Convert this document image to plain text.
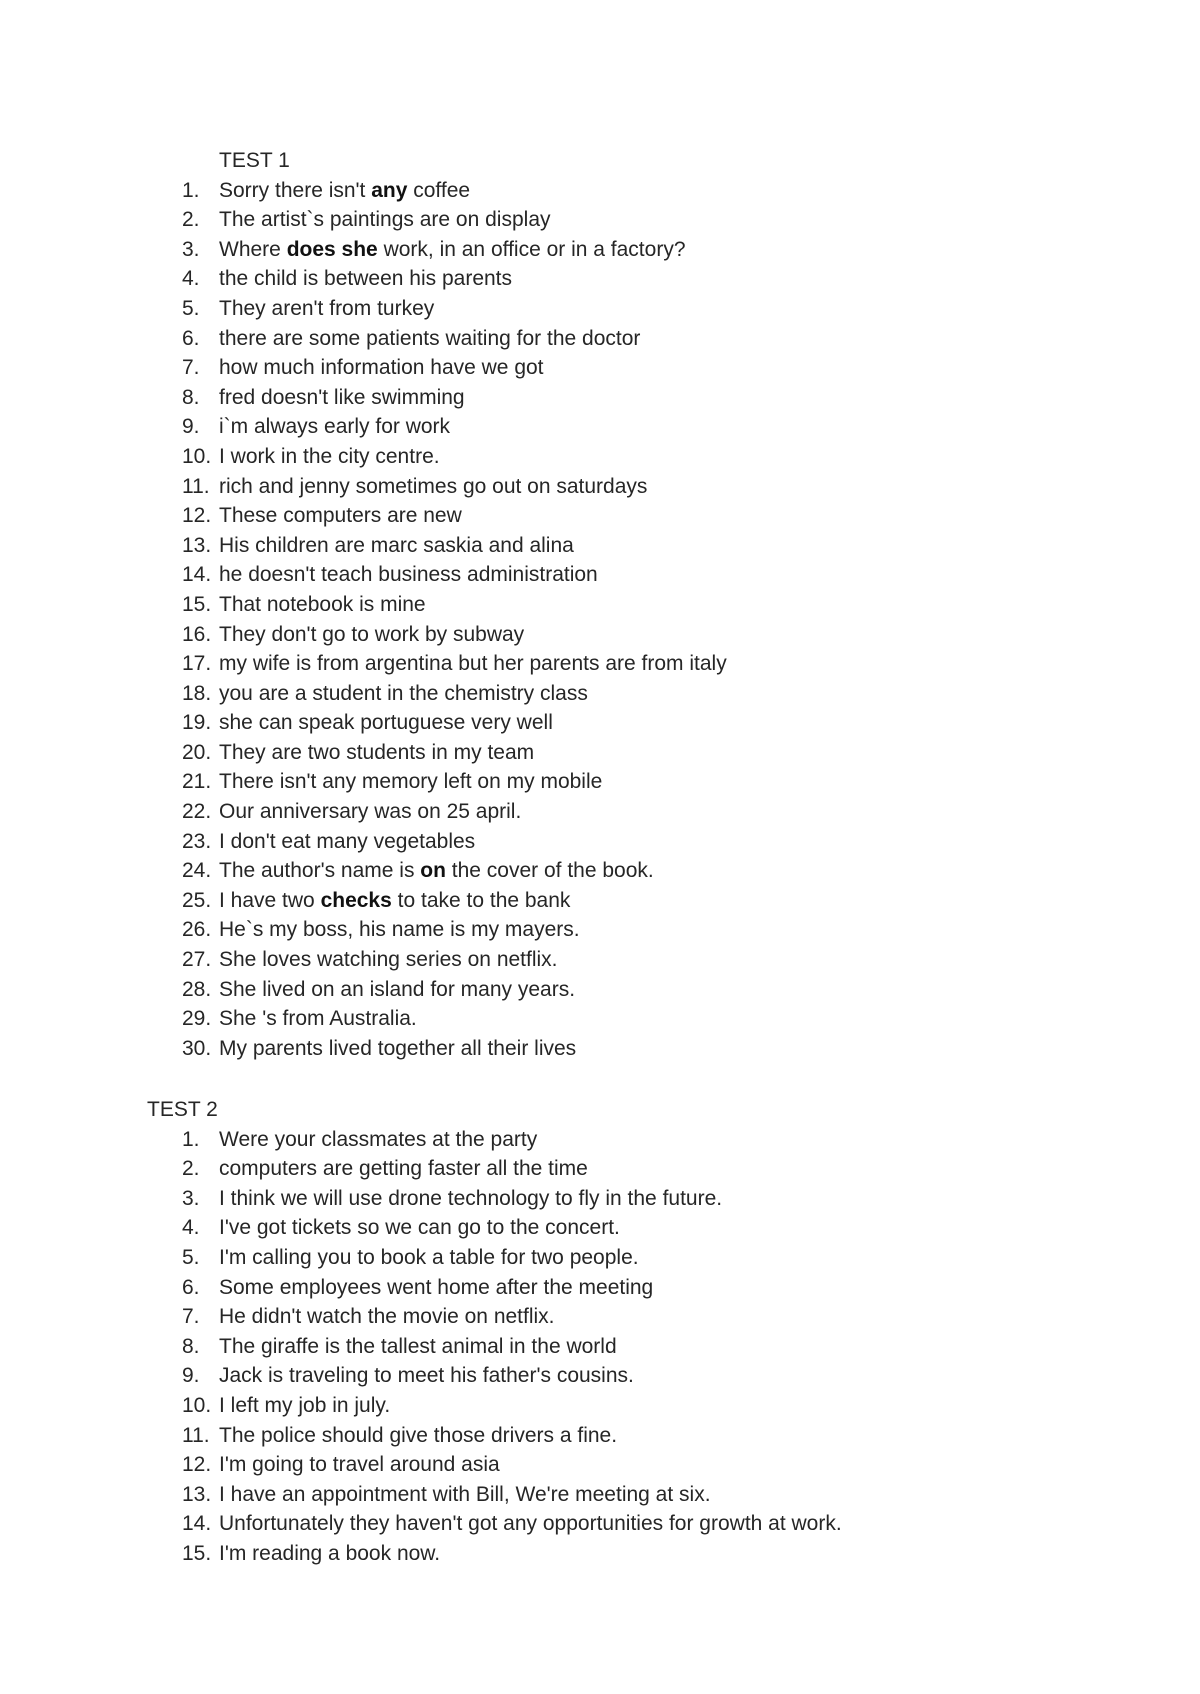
TEST 1
1. Sorry there isn't any coffee
2. The artist`s paintings are on display
3. Where does she work, in an office or in a factory?
4. the child is between his parents
5. They aren't from turkey
6. there are some patients waiting for the doctor
7. how much information have we got
8. fred doesn't like swimming
9. i`m always early for work
10. I work in the city centre.
11. rich and jenny sometimes go out on saturdays
12. These computers are new
13. His children are marc saskia and alina
14. he doesn't teach business administration
15. That notebook is mine
16. They don't go to work by subway
17. my wife is from argentina but her parents are from italy
18. you are a student in the chemistry class
19. she can speak portuguese very well
20. They are two students in my team
21. There isn't any memory left on my mobile
22. Our anniversary was on 25 april.
23. I don't eat many vegetables
24. The author's name is on the cover of the book.
25. I have two checks to take to the bank
26. He`s my boss, his name is my mayers.
27. She loves watching series on netflix.
28. She lived on an island for many years.
29. She 's from Australia.
30. My parents lived together all their lives
TEST 2
1. Were your classmates at the party
2. computers are getting faster all the time
3. I think we will use drone technology to fly in the future.
4. I've got tickets so we can go to the concert.
5. I'm calling you to book a table for two people.
6. Some employees went home after the meeting
7. He didn't watch the movie on netflix.
8. The giraffe is the tallest animal in the world
9. Jack is traveling to meet his father's cousins.
10. I left my job in july.
11. The police should give those drivers a fine.
12. I'm going to travel around asia
13. I have an appointment with Bill, We're meeting at six.
14. Unfortunately they haven't got any opportunities for growth at work.
15. I'm reading a book now.
